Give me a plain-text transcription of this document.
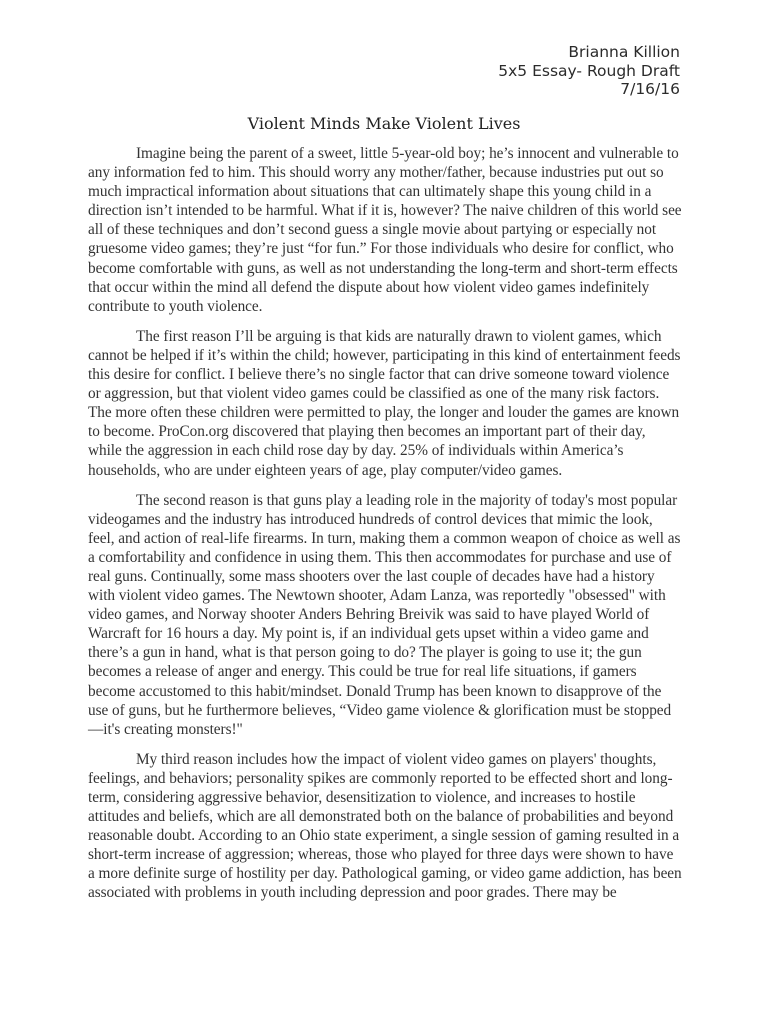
Brianna Killion
5x5 Essay- Rough Draft
7/16/16
Violent Minds Make Violent Lives

Imagine being the parent of a sweet, little 5-year-old boy; he’s innocent and vulnerable to any information fed to him. This should worry any mother/father, because industries put out so much impractical information about situations that can ultimately shape this young child in a direction isn’t intended to be harmful. What if it is, however? The naive children of this world see all of these techniques and don’t second guess a single movie about partying or especially not gruesome video games; they’re just “for fun.” For those individuals who desire for conflict, who become comfortable with guns, as well as not understanding the long-term and short-term effects that occur within the mind all defend the dispute about how violent video games indefinitely contribute to youth violence.

The first reason I’ll be arguing is that kids are naturally drawn to violent games, which cannot be helped if it’s within the child; however, participating in this kind of entertainment feeds this desire for conflict. I believe there’s no single factor that can drive someone toward violence or aggression, but that violent video games could be classified as one of the many risk factors. The more often these children were permitted to play, the longer and louder the games are known to become. ProCon.org discovered that playing then becomes an important part of their day, while the aggression in each child rose day by day. 25% of individuals within America’s households, who are under eighteen years of age, play computer/video games.

The second reason is that guns play a leading role in the majority of today's most popular videogames and the industry has introduced hundreds of control devices that mimic the look, feel, and action of real-life firearms. In turn, making them a common weapon of choice as well as a comfortability and confidence in using them. This then accommodates for purchase and use of real guns. Continually, some mass shooters over the last couple of decades have had a history with violent video games. The Newtown shooter, Adam Lanza, was reportedly "obsessed" with video games, and Norway shooter Anders Behring Breivik was said to have played World of Warcraft for 16 hours a day. My point is, if an individual gets upset within a video game and there’s a gun in hand, what is that person going to do? The player is going to use it; the gun becomes a release of anger and energy. This could be true for real life situations, if gamers become accustomed to this habit/mindset. Donald Trump has been known to disapprove of the use of guns, but he furthermore believes, “Video game violence & glorification must be stopped—it's creating monsters!"

My third reason includes how the impact of violent video games on players' thoughts, feelings, and behaviors; personality spikes are commonly reported to be effected short and long-term, considering aggressive behavior, desensitization to violence, and increases to hostile attitudes and beliefs, which are all demonstrated both on the balance of probabilities and beyond reasonable doubt. According to an Ohio state experiment, a single session of gaming resulted in a short-term increase of aggression; whereas, those who played for three days were shown to have a more definite surge of hostility per day. Pathological gaming, or video game addiction, has been associated with problems in youth including depression and poor grades. There may be
